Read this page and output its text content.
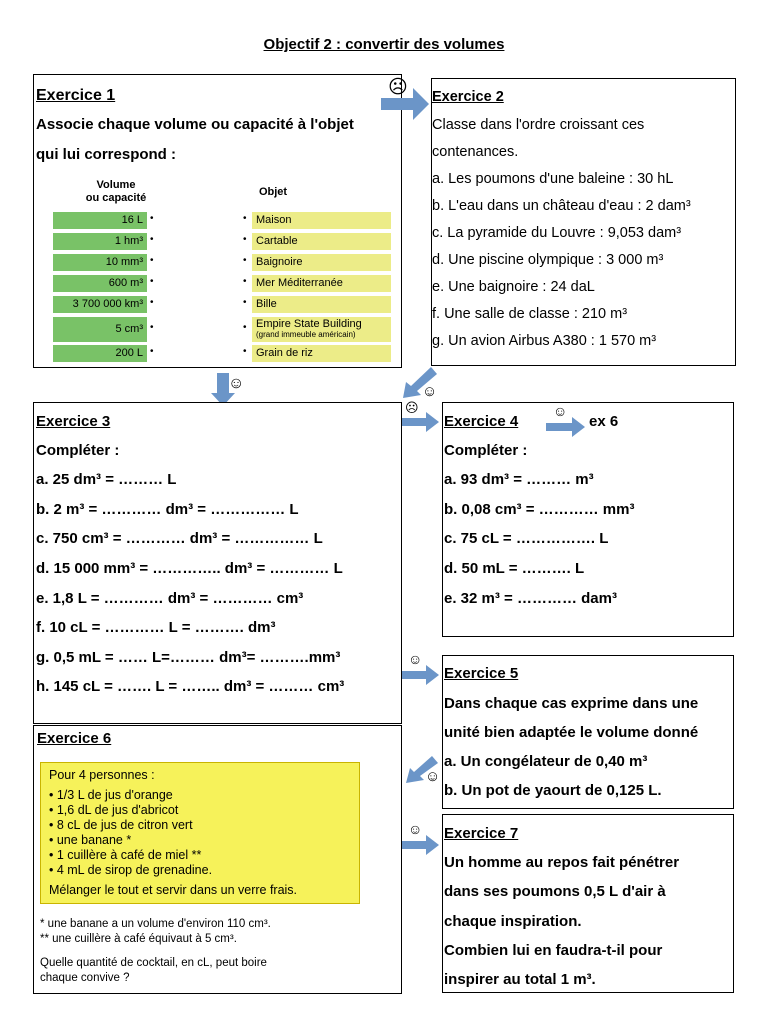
Objectif 2 : convertir des volumes
Exercice 1
Associe chaque volume ou capacité à l'objet
qui lui correspond :
Volume
ou capacité	Objet
16 L
1 hm³
10 mm³
600 m³
3 700 000 km³
5 cm³
200 L
Maison
Cartable
Baignoire
Mer Méditerranée
Bille
Empire State Building
(grand immeuble américain)
Grain de riz
•
•
•
•
•
•
•
•
•
•
•
•
•
•
Exercice 2
Classe dans l'ordre croissant ces
contenances.
a. Les poumons d'une baleine : 30 hL
b. L'eau dans un château d'eau : 2 dam³
c. La pyramide du Louvre : 9,053 dam³
d. Une piscine olympique : 3 000 m³
e. Une baignoire : 24 daL
f. Une salle de classe : 210 m³
g. Un avion Airbus A380 : 1 570 m³
☹
☺	☺
Exercice 3
Compléter :
a. 25 dm³ = ……… L
b. 2 m³ = ………… dm³ = …………… L
c. 750 cm³ = ………… dm³ = …………… L
d. 15 000 mm³ = ………….. dm³ = ………… L
e. 1,8 L = ………… dm³ = ………… cm³
f. 10 cL = ………… L = ………. dm³
g. 0,5 mL = …… L=……… dm³= ……….mm³
h. 145 cL = ……. L = …….. dm³ = ……… cm³
☹
Exercice 4
☺
ex 6
Compléter :
a. 93 dm³ = ……… m³
b. 0,08 cm³ = ………… mm³
c. 75 cL = ……………. L
d. 50 mL = ………. L
e. 32 m³ = ………… dam³
☺
Exercice 5
Dans chaque cas exprime dans une
unité bien adaptée le volume donné
a. Un congélateur de 0,40 m³
b. Un pot de yaourt de 0,125 L.
☺
Exercice 6
Pour 4 personnes :
• 1/3 L de jus d'orange
• 1,6 dL de jus d'abricot
• 8 cL de jus de citron vert
• une banane *
• 1 cuillère à café de miel **
• 4 mL de sirop de grenadine.
Mélanger le tout et servir dans un verre frais.
* une banane a un volume d'environ 110 cm³.
** une cuillère à café équivaut à 5 cm³.
Quelle quantité de cocktail, en cL, peut boire
chaque convive ?
☺ Exercice 7
Un homme au repos fait pénétrer
dans ses poumons 0,5 L d'air à
chaque inspiration.
Combien lui en faudra-t-il pour
inspirer au total 1 m³.
